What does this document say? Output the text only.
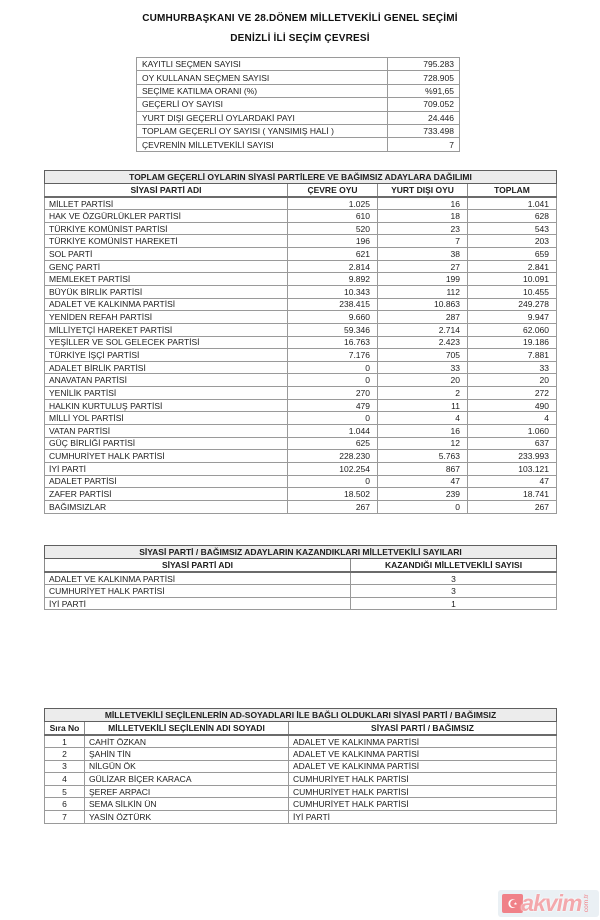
CUMHURBAŞKANI VE 28.DÖNEM MİLLETVEKİLİ GENEL SEÇİMİ
DENİZLİ İLİ SEÇİM ÇEVRESİ
KAYITLI SEÇMEN SAYISI	795.283
OY KULLANAN SEÇMEN SAYISI	728.905
SEÇİME KATILMA ORANI (%)	%91,65
GEÇERLİ OY SAYISI	709.052
YURT DIŞI GEÇERLİ OYLARDAKİ PAYI	24.446
TOPLAM GEÇERLİ OY SAYISI ( YANSIMIŞ HALİ )	733.498
ÇEVRENİN MİLLETVEKİLİ SAYISI	7
TOPLAM GEÇERLİ OYLARIN SİYASİ PARTİLERE VE BAĞIMSIZ ADAYLARA DAĞILIMI			
SİYASİ PARTİ ADI	ÇEVRE OYU	YURT DIŞI OYU	TOPLAM
MİLLET PARTİSİ	1.025	16	1.041
HAK VE ÖZGÜRLÜKLER PARTİSİ	610	18	628
TÜRKİYE KOMÜNİST PARTİSİ	520	23	543
TÜRKİYE KOMÜNİST HAREKETİ	196	7	203
SOL PARTİ	621	38	659
GENÇ PARTİ	2.814	27	2.841
MEMLEKET PARTİSİ	9.892	199	10.091
BÜYÜK BİRLİK PARTİSİ	10.343	112	10.455
ADALET VE KALKINMA PARTİSİ	238.415	10.863	249.278
YENİDEN REFAH PARTİSİ	9.660	287	9.947
MİLLİYETÇİ HAREKET PARTİSİ	59.346	2.714	62.060
YEŞİLLER VE SOL GELECEK PARTİSİ	16.763	2.423	19.186
TÜRKİYE İŞÇİ PARTİSİ	7.176	705	7.881
ADALET BİRLİK PARTİSİ	0	33	33
ANAVATAN PARTİSİ	0	20	20
YENİLİK PARTİSİ	270	2	272
HALKIN KURTULUŞ PARTİSİ	479	11	490
MİLLİ YOL PARTİSİ	0	4	4
VATAN PARTİSİ	1.044	16	1.060
GÜÇ BİRLİĞİ PARTİSİ	625	12	637
CUMHURİYET HALK PARTİSİ	228.230	5.763	233.993
İYİ PARTİ	102.254	867	103.121
ADALET PARTİSİ	0	47	47
ZAFER PARTİSİ	18.502	239	18.741
BAĞIMSIZLAR	267	0	267
SİYASİ PARTİ / BAĞIMSIZ ADAYLARIN KAZANDIKLARI MİLLETVEKİLİ SAYILARI	
SİYASİ PARTİ ADI	KAZANDIĞI MİLLETVEKİLİ SAYISI
ADALET VE KALKINMA PARTİSİ	3
CUMHURİYET HALK PARTİSİ	3
İYİ PARTİ	1
MİLLETVEKİLİ SEÇİLENLERİN AD-SOYADLARI İLE BAĞLI OLDUKLARI SİYASİ PARTİ / BAĞIMSIZ		
Sıra No	MİLLETVEKİLİ SEÇİLENİN ADI SOYADI	SİYASİ PARTİ / BAĞIMSIZ
1	CAHİT ÖZKAN	ADALET VE KALKINMA PARTİSİ
2	ŞAHİN TİN	ADALET VE KALKINMA PARTİSİ
3	NİLGÜN ÖK	ADALET VE KALKINMA PARTİSİ
4	GÜLİZAR BİÇER KARACA	CUMHURİYET HALK PARTİSİ
5	ŞEREF ARPACI	CUMHURİYET HALK PARTİSİ
6	SEMA SİLKİN ÜN	CUMHURİYET HALK PARTİSİ
7	YASİN ÖZTÜRK	İYİ PARTİ
☪ akvim com.tr
